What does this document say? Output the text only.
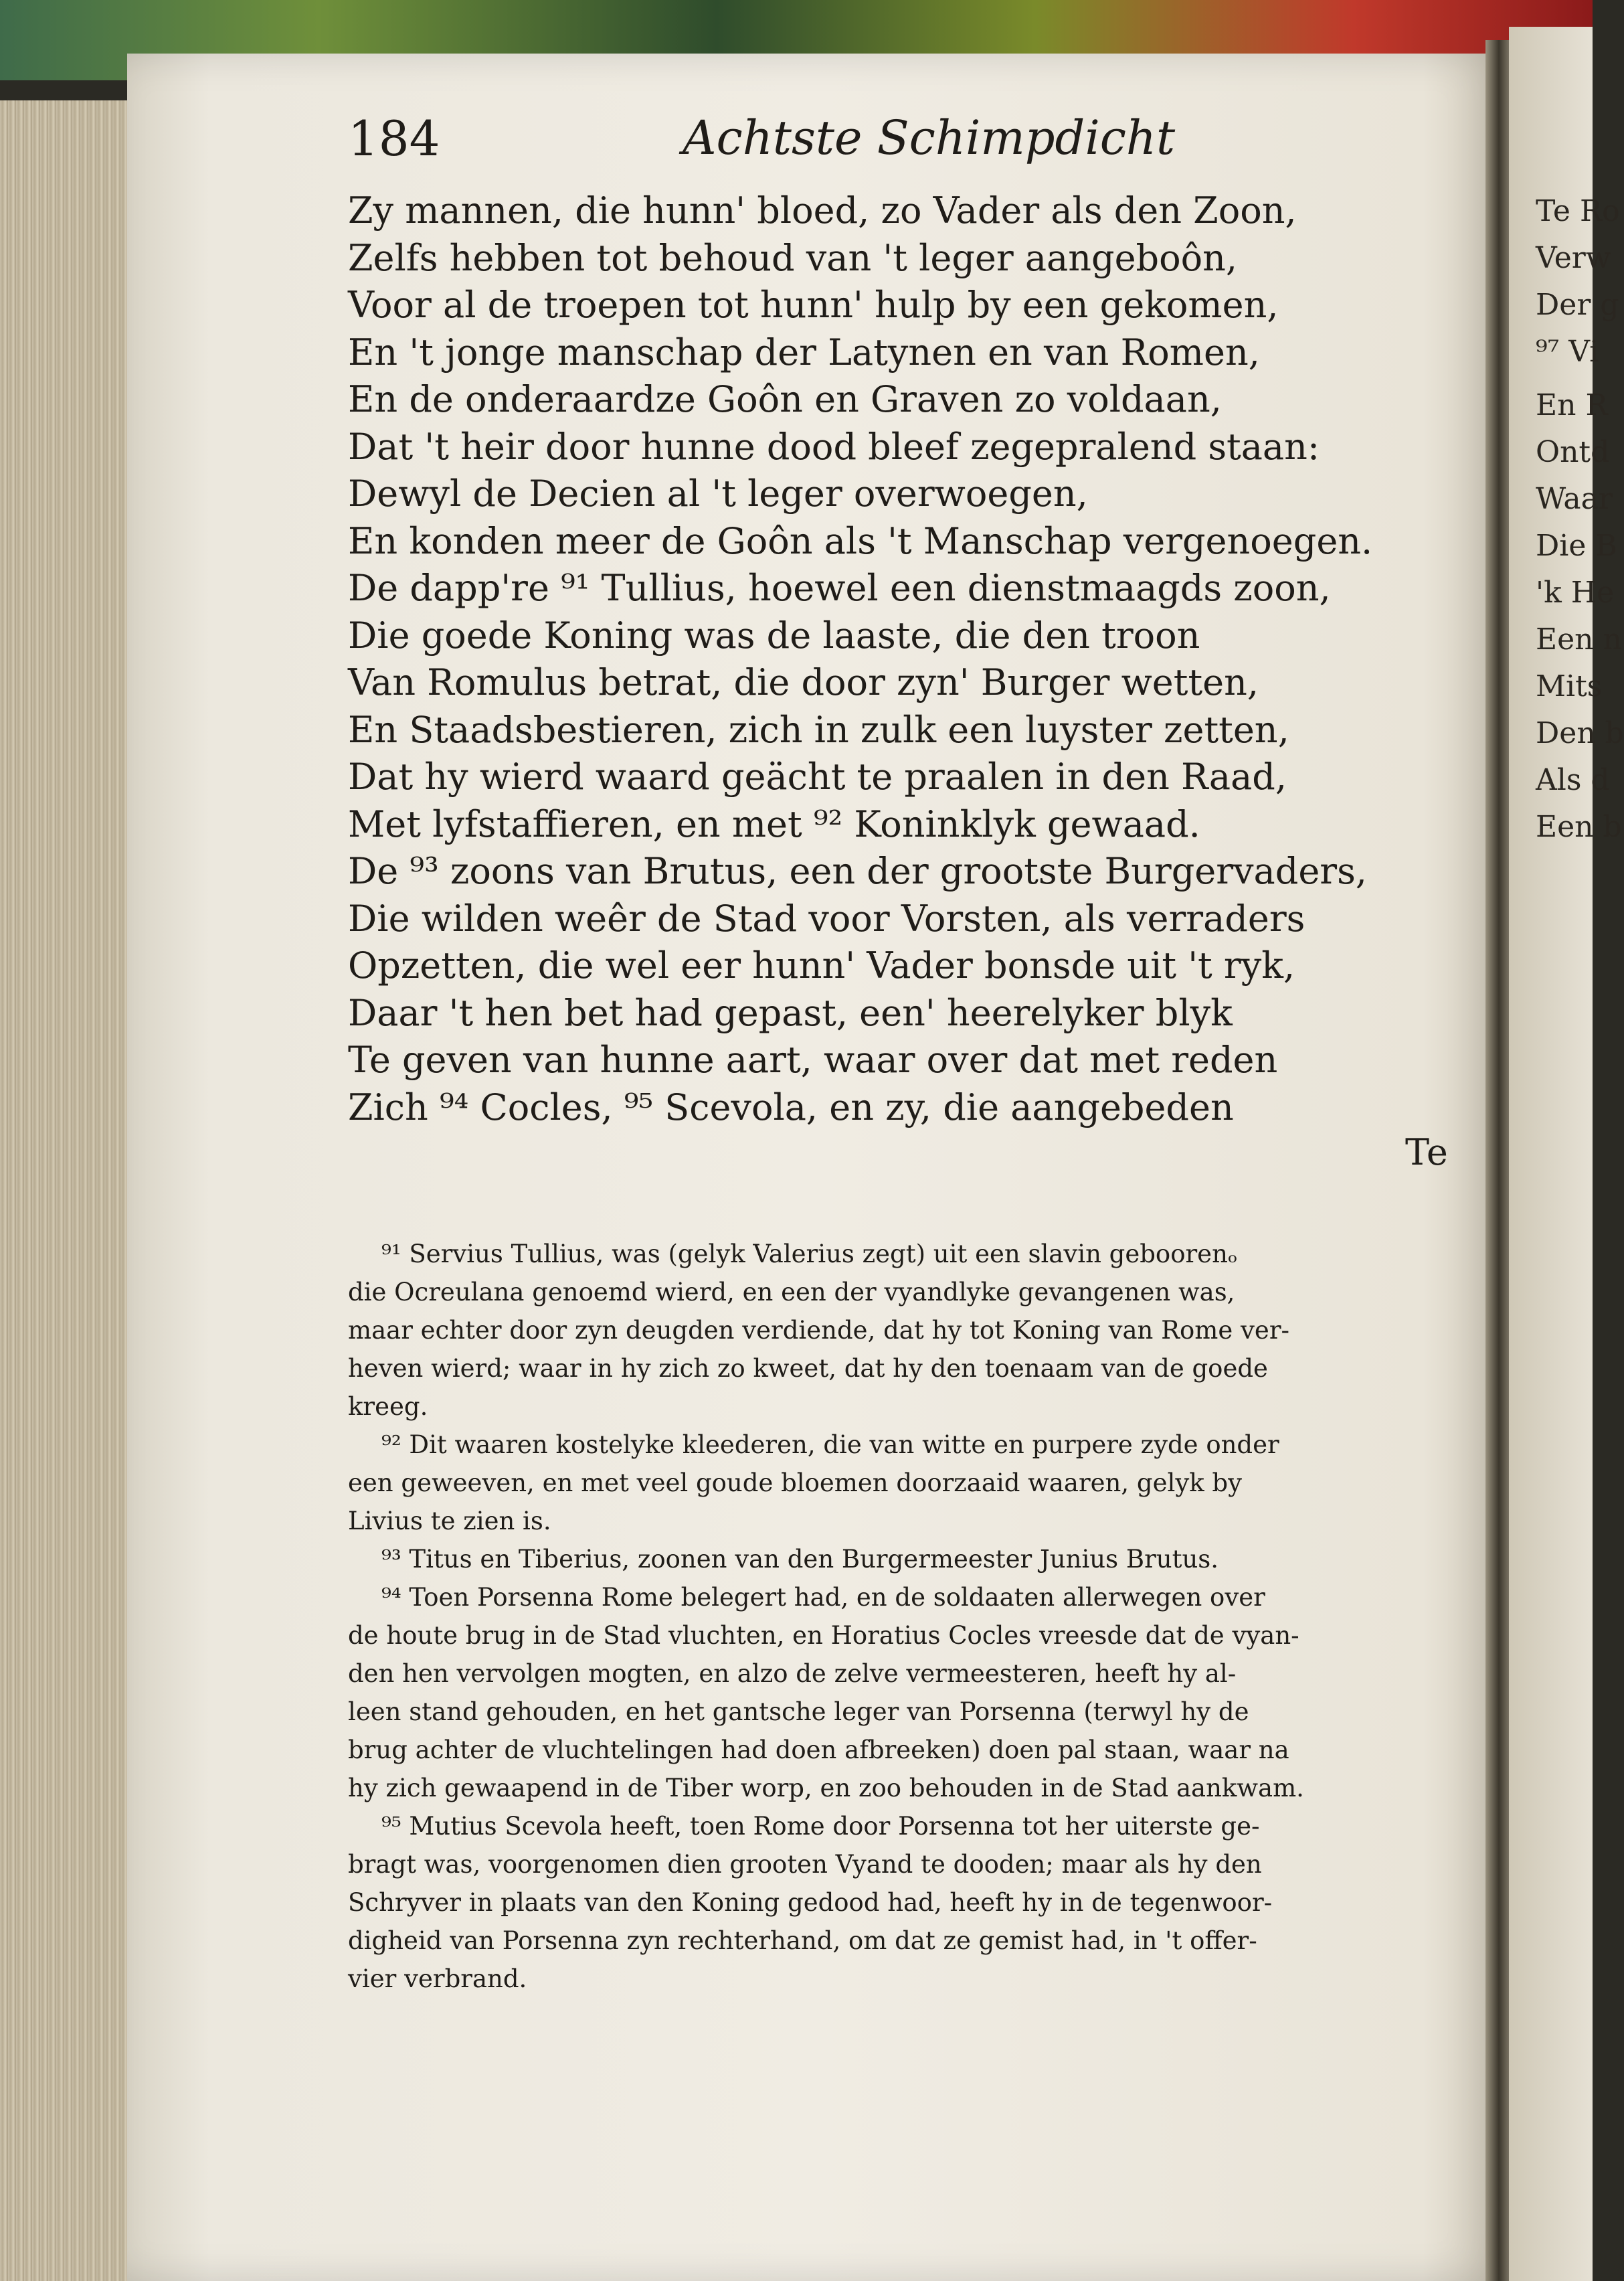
Te Ro
Verw
Der g
⁹⁷ Vi
En R
Ontd
Waar
Die B
'k He
Een n
Mits
Den b
Als d
Een b
184	Achtste Schimpdicht
Zy mannen, die hunn' bloed, zo Vader als den Zoon,
Zelfs hebben tot behoud van 't leger aangeboôn,
Voor al de troepen tot hunn' hulp by een gekomen,
En 't jonge manschap der Latynen en van Romen,
En de onderaardze Goôn en Graven zo voldaan,
Dat 't heir door hunne dood bleef zegepralend staan:
Dewyl de Decien al 't leger overwoegen,
En konden meer de Goôn als 't Manschap vergenoegen.
De dapp're ⁹¹ Tullius, hoewel een dienstmaagds zoon,
Die goede Koning was de laaste, die den troon
Van Romulus betrat, die door zyn' Burger wetten,
En Staadsbestieren, zich in zulk een luyster zetten,
Dat hy wierd waard geächt te praalen in den Raad,
Met lyfstaffieren, en met ⁹² Koninklyk gewaad.
De ⁹³ zoons van Brutus, een der grootste Burgervaders,
Die wilden weêr de Stad voor Vorsten, als verraders
Opzetten, die wel eer hunn' Vader bonsde uit 't ryk,
Daar 't hen bet had gepast, een' heerelyker blyk
Te geven van hunne aart, waar over dat met reden
Zich ⁹⁴ Cocles, ⁹⁵ Scevola, en zy, die aangebeden
Te
⁹¹ Servius Tullius, was (gelyk Valerius zegt) uit een slavin geboorenₒ
die Ocreulana genoemd wierd, en een der vyandlyke gevangenen was,
maar echter door zyn deugden verdiende, dat hy tot Koning van Rome ver-
heven wierd; waar in hy zich zo kweet, dat hy den toenaam van de goede
kreeg.
⁹² Dit waaren kostelyke kleederen, die van witte en purpere zyde onder
een geweeven, en met veel goude bloemen doorzaaid waaren, gelyk by
Livius te zien is.
⁹³ Titus en Tiberius, zoonen van den Burgermeester Junius Brutus.
⁹⁴ Toen Porsenna Rome belegert had, en de soldaaten allerwegen over
de houte brug in de Stad vluchten, en Horatius Cocles vreesde dat de vyan-
den hen vervolgen mogten, en alzo de zelve vermeesteren, heeft hy al-
leen stand gehouden, en het gantsche leger van Porsenna (terwyl hy de
brug achter de vluchtelingen had doen afbreeken) doen pal staan, waar na
hy zich gewaapend in de Tiber worp, en zoo behouden in de Stad aankwam.
⁹⁵ Mutius Scevola heeft, toen Rome door Porsenna tot her uiterste ge-
bragt was, voorgenomen dien grooten Vyand te dooden; maar als hy den
Schryver in plaats van den Koning gedood had, heeft hy in de tegenwoor-
digheid van Porsenna zyn rechterhand, om dat ze gemist had, in 't offer-
vier verbrand.
